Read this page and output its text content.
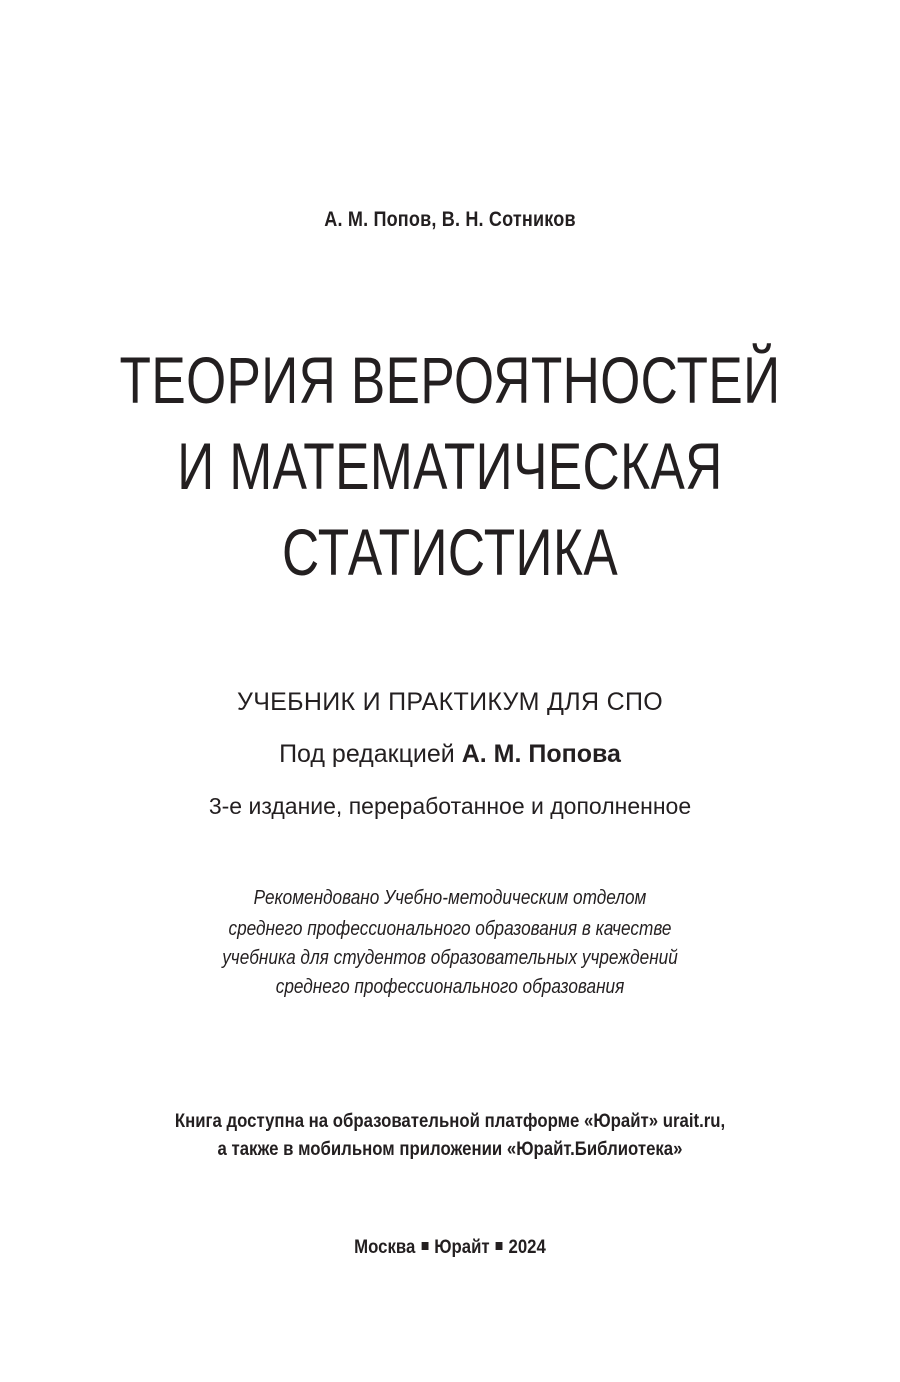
А. М. Попов, В. Н. Сотников
ТЕОРИЯ ВЕРОЯТНОСТЕЙ
И МАТЕМАТИЧЕСКАЯ
СТАТИСТИКА
УЧЕБНИК И ПРАКТИКУМ ДЛЯ СПО
Под редакцией А. М. Попова
3-е издание, переработанное и дополненное
Рекомендовано Учебно-методическим отделом
среднего профессионального образования в качестве
учебника для студентов образовательных учреждений
среднего профессионального образования
Книга доступна на образовательной платформе «Юрайт» urait.ru,
а также в мобильном приложении «Юрайт.Библиотека»
Москва Юрайт 2024
